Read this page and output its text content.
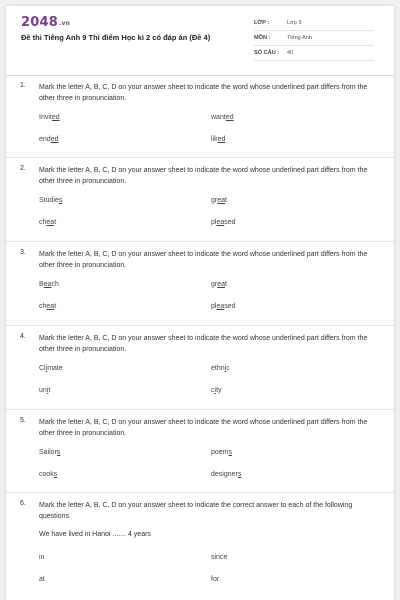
2048.vn
Đề thi Tiếng Anh 9 Thí điểm Học kì 2 có đáp án (Đề 4)
LỚP :	Lớp 9
MÔN :	Tiếng Anh
SỐ CÂU :	40
1. Mark the letter A, B, C, D on your answer sheet to indicate the word whose underlined part differs from the other three in pronunciation.
Invited	wanted
ended	liked
2. Mark the letter A, B, C, D on your answer sheet to indicate the word whose underlined part differs from the other three in pronunciation.
Studies	great
cheat	pleased
3. Mark the letter A, B, C, D on your answer sheet to indicate the word whose underlined part differs from the other three in pronunciation.
Beach	great
cheat	pleased
4. Mark the letter A, B, C, D on your answer sheet to indicate the word whose underlined part differs from the other three in pronunciation.
Climate	ethnic
unit	city
5. Mark the letter A, B, C, D on your answer sheet to indicate the word whose underlined part differs from the other three in pronunciation.
Sailors	poems
cooks	designers
6. Mark the letter A, B, C, D on your answer sheet to indicate the correct answer to each of the following questions
We have lived in Hanoi ....... 4 years
in	since
at	for
